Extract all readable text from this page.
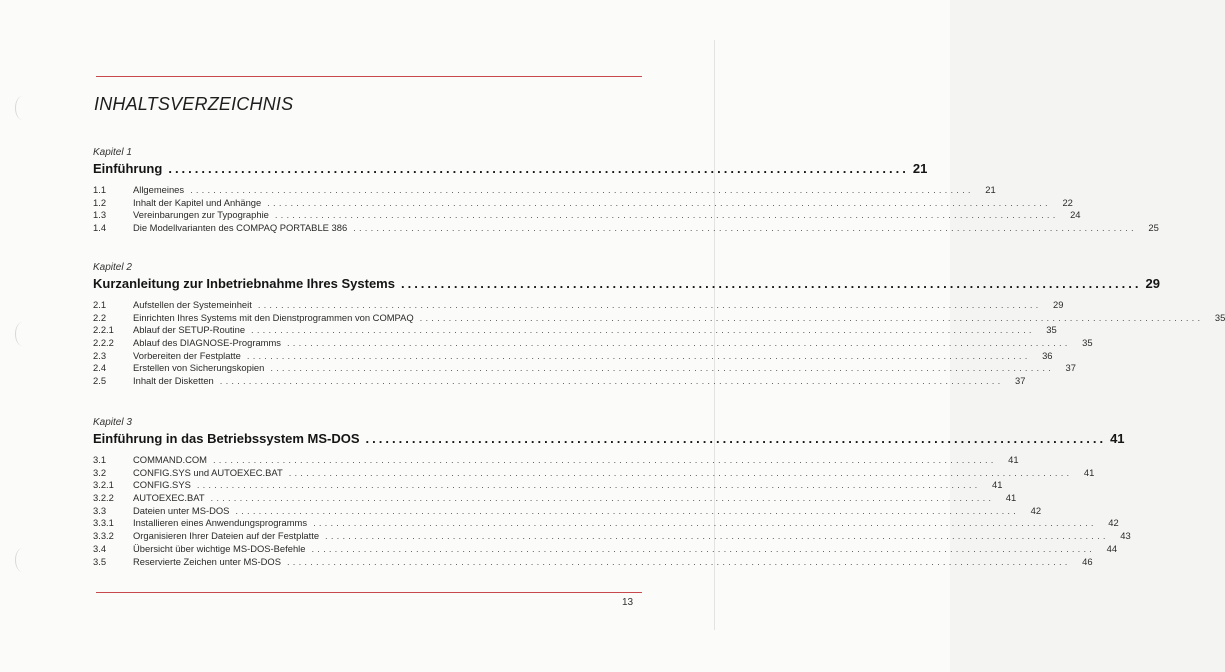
INHALTSVERZEICHNIS
Kapitel 1
Einführung ................................................................................................................ 21
1.1	Allgemeines .......................................................................................................................................	21
1.2	Inhalt der Kapitel und Anhänge .......................................................................................................................................	22
1.3	Vereinbarungen zur Typographie .......................................................................................................................................	24
1.4	Die Modellvarianten des COMPAQ PORTABLE 386 .......................................................................................................................................	25
Kapitel 2
Kurzanleitung zur Inbetriebnahme Ihres Systems ................................................................................................................ 29
2.1	Aufstellen der Systemeinheit .......................................................................................................................................	29
2.2	Einrichten Ihres Systems mit den Dienstprogrammen von COMPAQ .......................................................................................................................................	35
2.2.1	Ablauf der SETUP-Routine .......................................................................................................................................	35
2.2.2	Ablauf des DIAGNOSE-Programms .......................................................................................................................................	35
2.3	Vorbereiten der Festplatte .......................................................................................................................................	36
2.4	Erstellen von Sicherungskopien .......................................................................................................................................	37
2.5	Inhalt der Disketten .......................................................................................................................................	37
Kapitel 3
Einführung in das Betriebssystem MS-DOS ................................................................................................................ 41
3.1	COMMAND.COM .......................................................................................................................................	41
3.2	CONFIG.SYS und AUTOEXEC.BAT .......................................................................................................................................	41
3.2.1	CONFIG.SYS .......................................................................................................................................	41
3.2.2	AUTOEXEC.BAT .......................................................................................................................................	41
3.3	Dateien unter MS-DOS .......................................................................................................................................	42
3.3.1	Installieren eines Anwendungsprogramms .......................................................................................................................................	42
3.3.2	Organisieren Ihrer Dateien auf der Festplatte .......................................................................................................................................	43
3.4	Übersicht über wichtige MS-DOS-Befehle .......................................................................................................................................	44
3.5	Reservierte Zeichen unter MS-DOS .......................................................................................................................................	46
13
